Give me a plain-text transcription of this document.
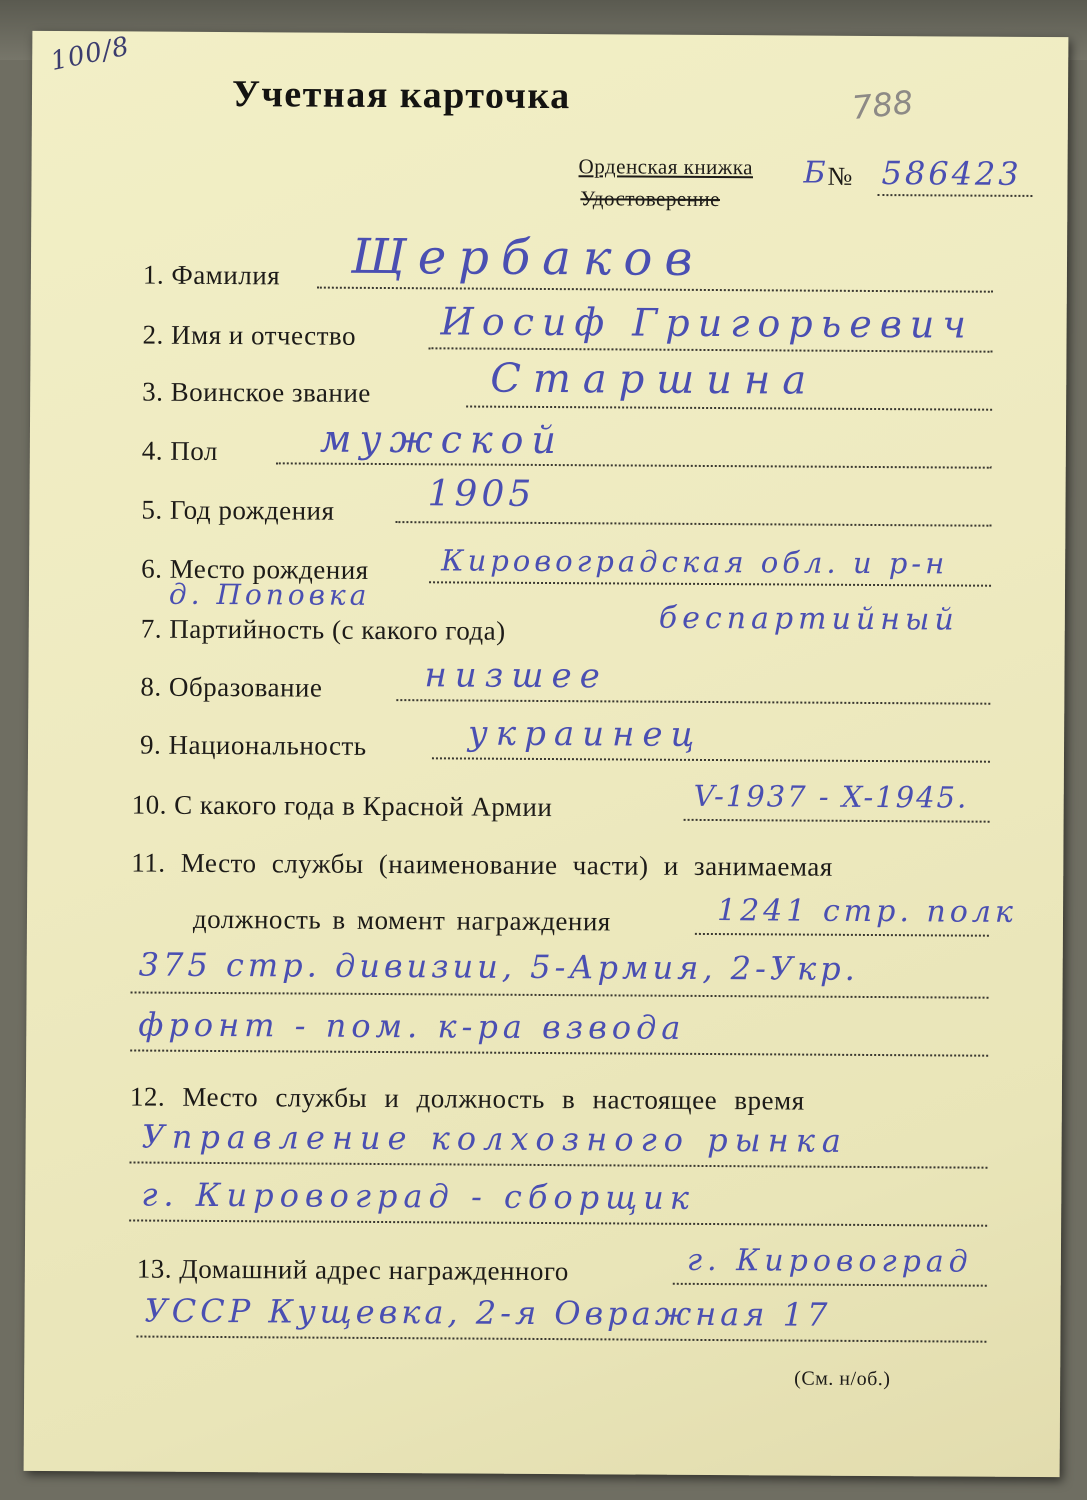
100/8
788
Учетная карточка
Орденская книжка
Удостоверение
Б № 586423
1. Фамилия Щербаков
2. Имя и отчество Иосиф Григорьевич
3. Воинское звание	Старшина
4. Пол	мужской
5. Год рождения	1905
6. Место рождения Кировоградская обл. и р-н
д. Поповка
7. Партийность (с какого года)	беспартийный
8. Образование	низшее
9. Национальность	украинец
10. С какого года в Красной Армии	V-1937 - X-1945.
11. Место службы (наименование части) и занимаемая
должность в момент награждения	1241 стр. полк
375 стр. дивизии, 5-Армия, 2-Укр.
фронт - пом. к-ра взвода
12. Место службы и должность в настоящее время
Управление колхозного рынка
г. Кировоград - сборщик
13. Домашний адрес награжденного	г. Кировоград
УССР Кущевка, 2-я Овражная 17
(См. н/об.)
